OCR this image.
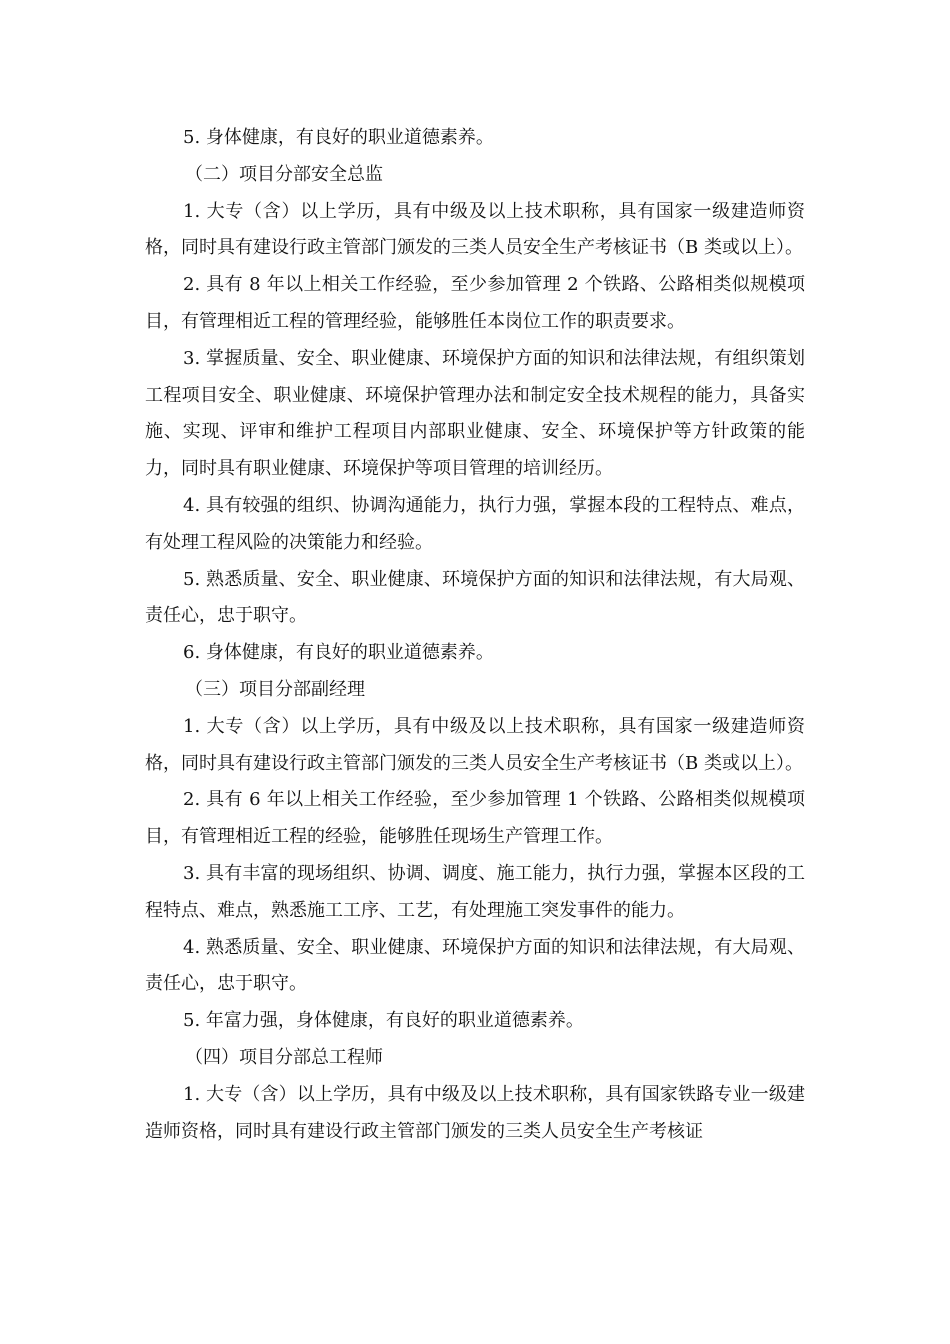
5. 身体健康，有良好的职业道德素养。

（二）项目分部安全总监

1. 大专（含）以上学历，具有中级及以上技术职称，具有国家一级建造师资格，同时具有建设行政主管部门颁发的三类人员安全生产考核证书（B 类或以上）。

2. 具有 8 年以上相关工作经验，至少参加管理 2 个铁路、公路相类似规模项目，有管理相近工程的管理经验，能够胜任本岗位工作的职责要求。

3. 掌握质量、安全、职业健康、环境保护方面的知识和法律法规，有组织策划工程项目安全、职业健康、环境保护管理办法和制定安全技术规程的能力，具备实施、实现、评审和维护工程项目内部职业健康、安全、环境保护等方针政策的能力，同时具有职业健康、环境保护等项目管理的培训经历。

4. 具有较强的组织、协调沟通能力，执行力强，掌握本段的工程特点、难点，有处理工程风险的决策能力和经验。

5. 熟悉质量、安全、职业健康、环境保护方面的知识和法律法规，有大局观、责任心，忠于职守。

6. 身体健康，有良好的职业道德素养。

（三）项目分部副经理

1. 大专（含）以上学历，具有中级及以上技术职称，具有国家一级建造师资格，同时具有建设行政主管部门颁发的三类人员安全生产考核证书（B 类或以上）。

2. 具有 6 年以上相关工作经验，至少参加管理 1 个铁路、公路相类似规模项目，有管理相近工程的经验，能够胜任现场生产管理工作。

3. 具有丰富的现场组织、协调、调度、施工能力，执行力强，掌握本区段的工程特点、难点，熟悉施工工序、工艺，有处理施工突发事件的能力。

4. 熟悉质量、安全、职业健康、环境保护方面的知识和法律法规，有大局观、责任心，忠于职守。

5. 年富力强，身体健康，有良好的职业道德素养。

（四）项目分部总工程师

1. 大专（含）以上学历，具有中级及以上技术职称，具有国家铁路专业一级建造师资格，同时具有建设行政主管部门颁发的三类人员安全生产考核证
